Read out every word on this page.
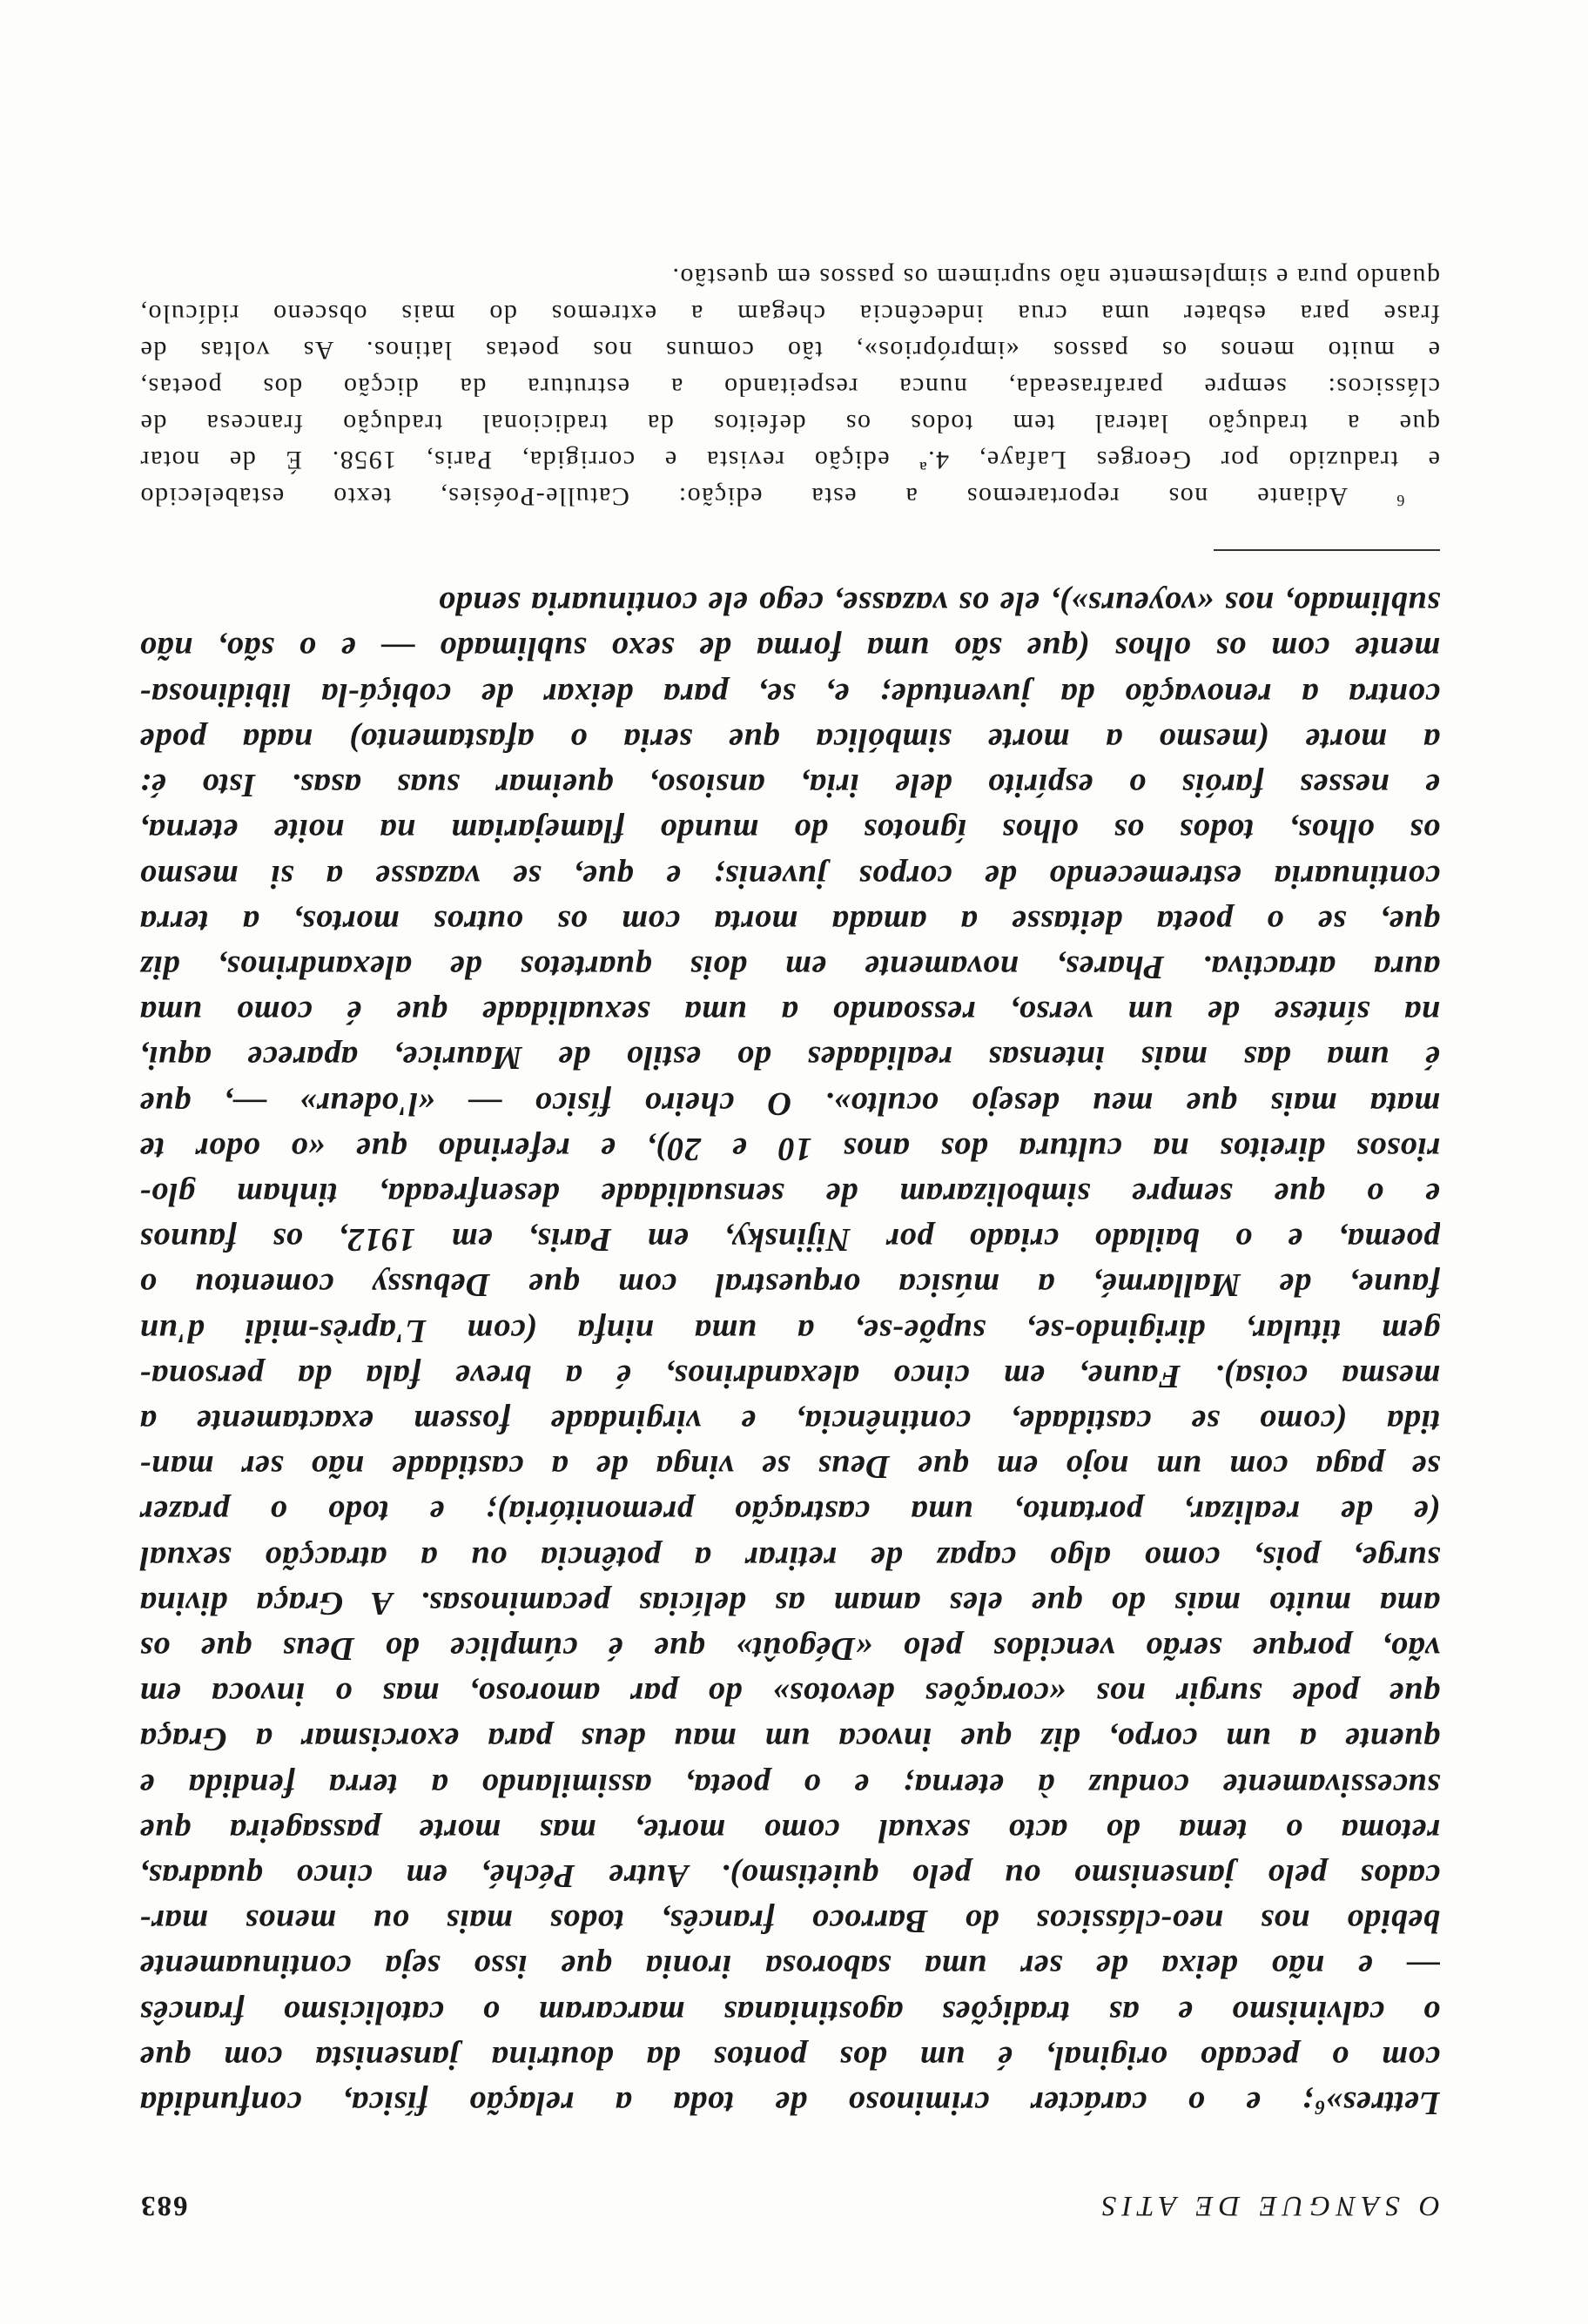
O SANGUE DE ATIS
683
Lettres»⁶; e o carácter criminoso de toda a relação física, confundida
com o pecado original, é um dos pontos da doutrina jansenista com que
o calvinismo e as tradições agostinianas marcaram o catolicismo francês
— e não deixa de ser uma saborosa ironia que isso seja continuamente
bebido nos neo-clássicos do Barroco francês, todos mais ou menos mar-
cados pelo jansenismo ou pelo quietismo). Autre Péché, em cinco quadras,
retoma o tema do acto sexual como morte, mas morte passageira que
sucessivamente conduz à eterna; e o poeta, assimilando a terra fendida e
quente a um corpo, diz que invoca um mau deus para exorcismar a Graça
que pode surgir nos «corações devotos» do par amoroso, mas o invoca em
vão, porque serão vencidos pelo «Dégoût» que é cúmplice do Deus que os
ama muito mais do que eles amam as delícias pecaminosas. A Graça divina
surge, pois, como algo capaz de retirar a potência ou a atracção sexual
(e de realizar, portanto, uma castração premonitória); e todo o prazer
se paga com um nojo em que Deus se vinga de a castidade não ser man-
tida (como se castidade, continência, e virgindade fossem exactamente a
mesma coisa). Faune, em cinco alexandrinos, é a breve fala da persona-
gem titular, dirigindo-se, supõe-se, a uma ninfa (com L'après-midi d'un
faune, de Mallarmé, a música orquestral com que Debussy comentou o
poema, e o bailado criado por Nijinsky, em Paris, em 1912, os faunos
e o que sempre simbolizaram de sensualidade desenfreada, tinham glo-
riosos direitos na cultura dos anos 10 e 20), e referindo que «o odor te
mata mais que meu desejo oculto». O cheiro físico — «l'odeur» —, que
é uma das mais intensas realidades do estilo de Maurice, aparece aqui,
na síntese de um verso, ressoando a uma sexualidade que é como uma
aura atractiva. Phares, novamente em dois quartetos de alexandrinos, diz
que, se o poeta deitasse a amada morta com os outros mortos, a terra
continuaria estremecendo de corpos juvenis; e que, se vazasse a si mesmo
os olhos, todos os olhos ígnotos do mundo flamejariam na noite eterna,
e nesses faróis o espírito dele iria, ansioso, queimar suas asas. Isto é:
a morte (mesmo a morte simbólica que seria o afastamento) nada pode
contra a renovação da juventude; e, se, para deixar de cobiçá-la libidinosa-
mente com os olhos (que são uma forma de sexo sublimado — e o são, não
sublimado, nos «voyeurs»), ele os vazasse, cego ele continuaria sendo
⁶ Adiante nos reportaremos a esta edição: Catulle-Poésies, texto estabelecido
e traduzido por Georges Lafaye, 4.ª edição revista e corrigida, Paris, 1958. É de notar
que a tradução lateral tem todos os defeitos da tradicional tradução francesa de
clássicos: sempre parafraseada, nunca respeitando a estrutura da dicção dos poetas,
e muito menos os passos «impróprios», tão comuns nos poetas latinos. As voltas de
frase para esbater uma crua indecência chegam a extremos do mais obsceno ridículo,
quando pura e simplesmente não suprimem os passos em questão.
